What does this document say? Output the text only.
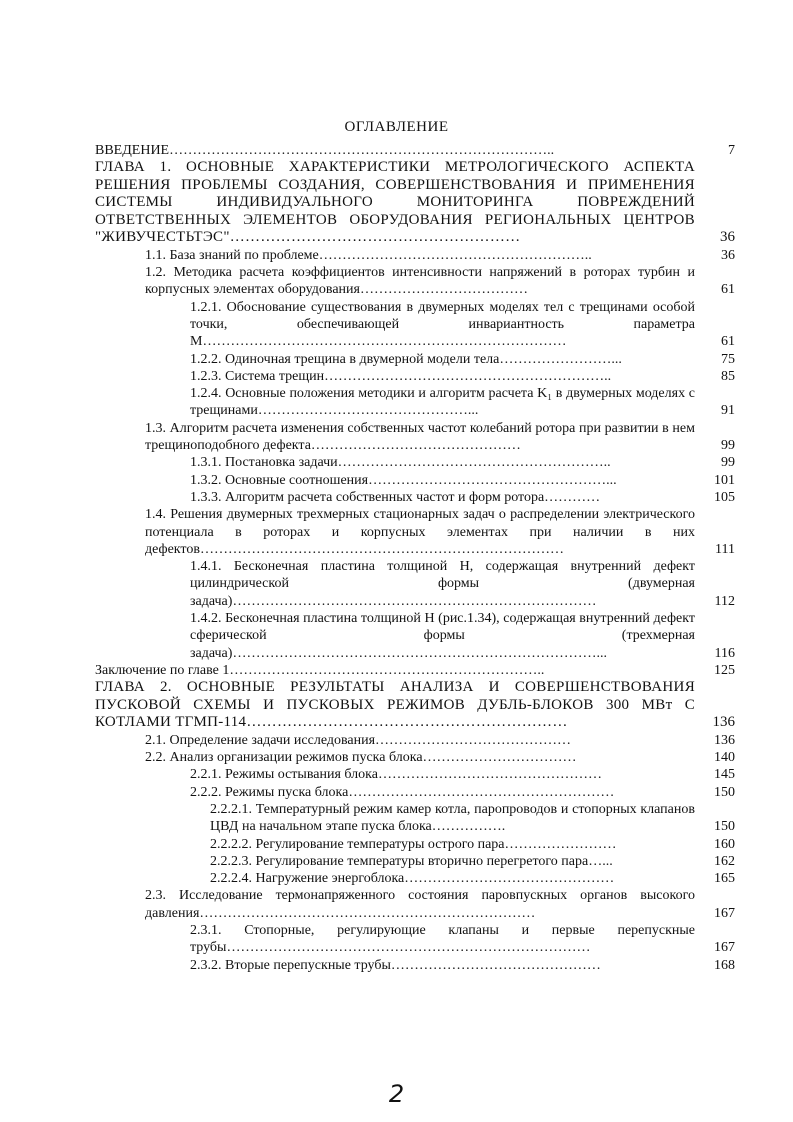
ОГЛАВЛЕНИЕ
ВВЕДЕНИЕ………………………………………………………………………..	7
ГЛАВА 1. ОСНОВНЫЕ ХАРАКТЕРИСТИКИ МЕТРОЛОГИЧЕСКОГО АСПЕКТА РЕШЕНИЯ ПРОБЛЕМЫ СОЗДАНИЯ, СОВЕРШЕНСТВОВАНИЯ И ПРИМЕНЕНИЯ СИСТЕМЫ ИНДИВИДУАЛЬНОГО МОНИТОРИНГА ПОВРЕЖДЕНИЙ ОТВЕТСТВЕННЫХ ЭЛЕМЕНТОВ ОБОРУДОВАНИЯ РЕГИОНАЛЬНЫХ ЦЕНТРОВ "ЖИВУЧЕСТЬТЭС"…………………………………………………	36
1.1. База знаний по проблеме…………………………………………………..	36
1.2. Методика расчета коэффициентов интенсивности напряжений в роторах турбин и корпусных элементах оборудования………………………………	61
1.2.1. Обоснование существования в двумерных моделях тел с трещинами особой точки, обеспечивающей инвариантность параметра М……………………………………………………………………	61
1.2.2. Одиночная трещина в двумерной модели тела……………………...	75
1.2.3. Система трещин……………………………………………………..	85
1.2.4. Основные положения методики и алгоритм расчета K₁ в двумерных моделях с трещинами………………………………………...	91
1.3. Алгоритм расчета изменения собственных частот колебаний ротора при развитии в нем трещиноподобного дефекта………………………………………	99
1.3.1. Постановка задачи…………………………………………………..	99
1.3.2. Основные соотношения……………………………………………...	101
1.3.3. Алгоритм расчета собственных частот и форм ротора…………	105
1.4. Решения двумерных трехмерных стационарных задач о распределении электрического потенциала в роторах и корпусных элементах при наличии в них дефектов……………………………………………………………………	111
1.4.1. Бесконечная пластина толщиной Н, содержащая внутренний дефект цилиндрической формы (двумерная задача)……………………………………………………………………	112
1.4.2. Бесконечная пластина толщиной Н (рис.1.34), содержащая внутренний дефект сферической формы (трехмерная задача)……………………………………………………………………...	116
Заключение по главе 1…………………………………………………………..	125
ГЛАВА 2. ОСНОВНЫЕ РЕЗУЛЬТАТЫ АНАЛИЗА И СОВЕРШЕНСТВОВАНИЯ ПУСКОВОЙ СХЕМЫ И ПУСКОВЫХ РЕЖИМОВ ДУБЛЬ-БЛОКОВ 300 МВт С КОТЛАМИ ТГМП-114………………………………………………………	136
2.1. Определение задачи исследования……………………………………	136
2.2. Анализ организации режимов пуска блока……………………………	140
2.2.1. Режимы остывания блока…………………………………………	145
2.2.2. Режимы пуска блока…………………………………………………	150
2.2.2.1. Температурный режим камер котла, паропроводов и стопорных клапанов ЦВД на начальном этапе пуска блока…………….	150
2.2.2.2. Регулирование температуры острого пара……………………	160
2.2.2.3. Регулирование температуры вторично перегретого пара…...	162
2.2.2.4. Нагружение энергоблока………………………………………	165
2.3. Исследование термонапряженного состояния паровпускных органов высокого давления………………………………………………………………	167
2.3.1. Стопорные, регулирующие клапаны и первые перепускные трубы……………………………………………………………………	167
2.3.2. Вторые перепускные трубы………………………………………	168
2
